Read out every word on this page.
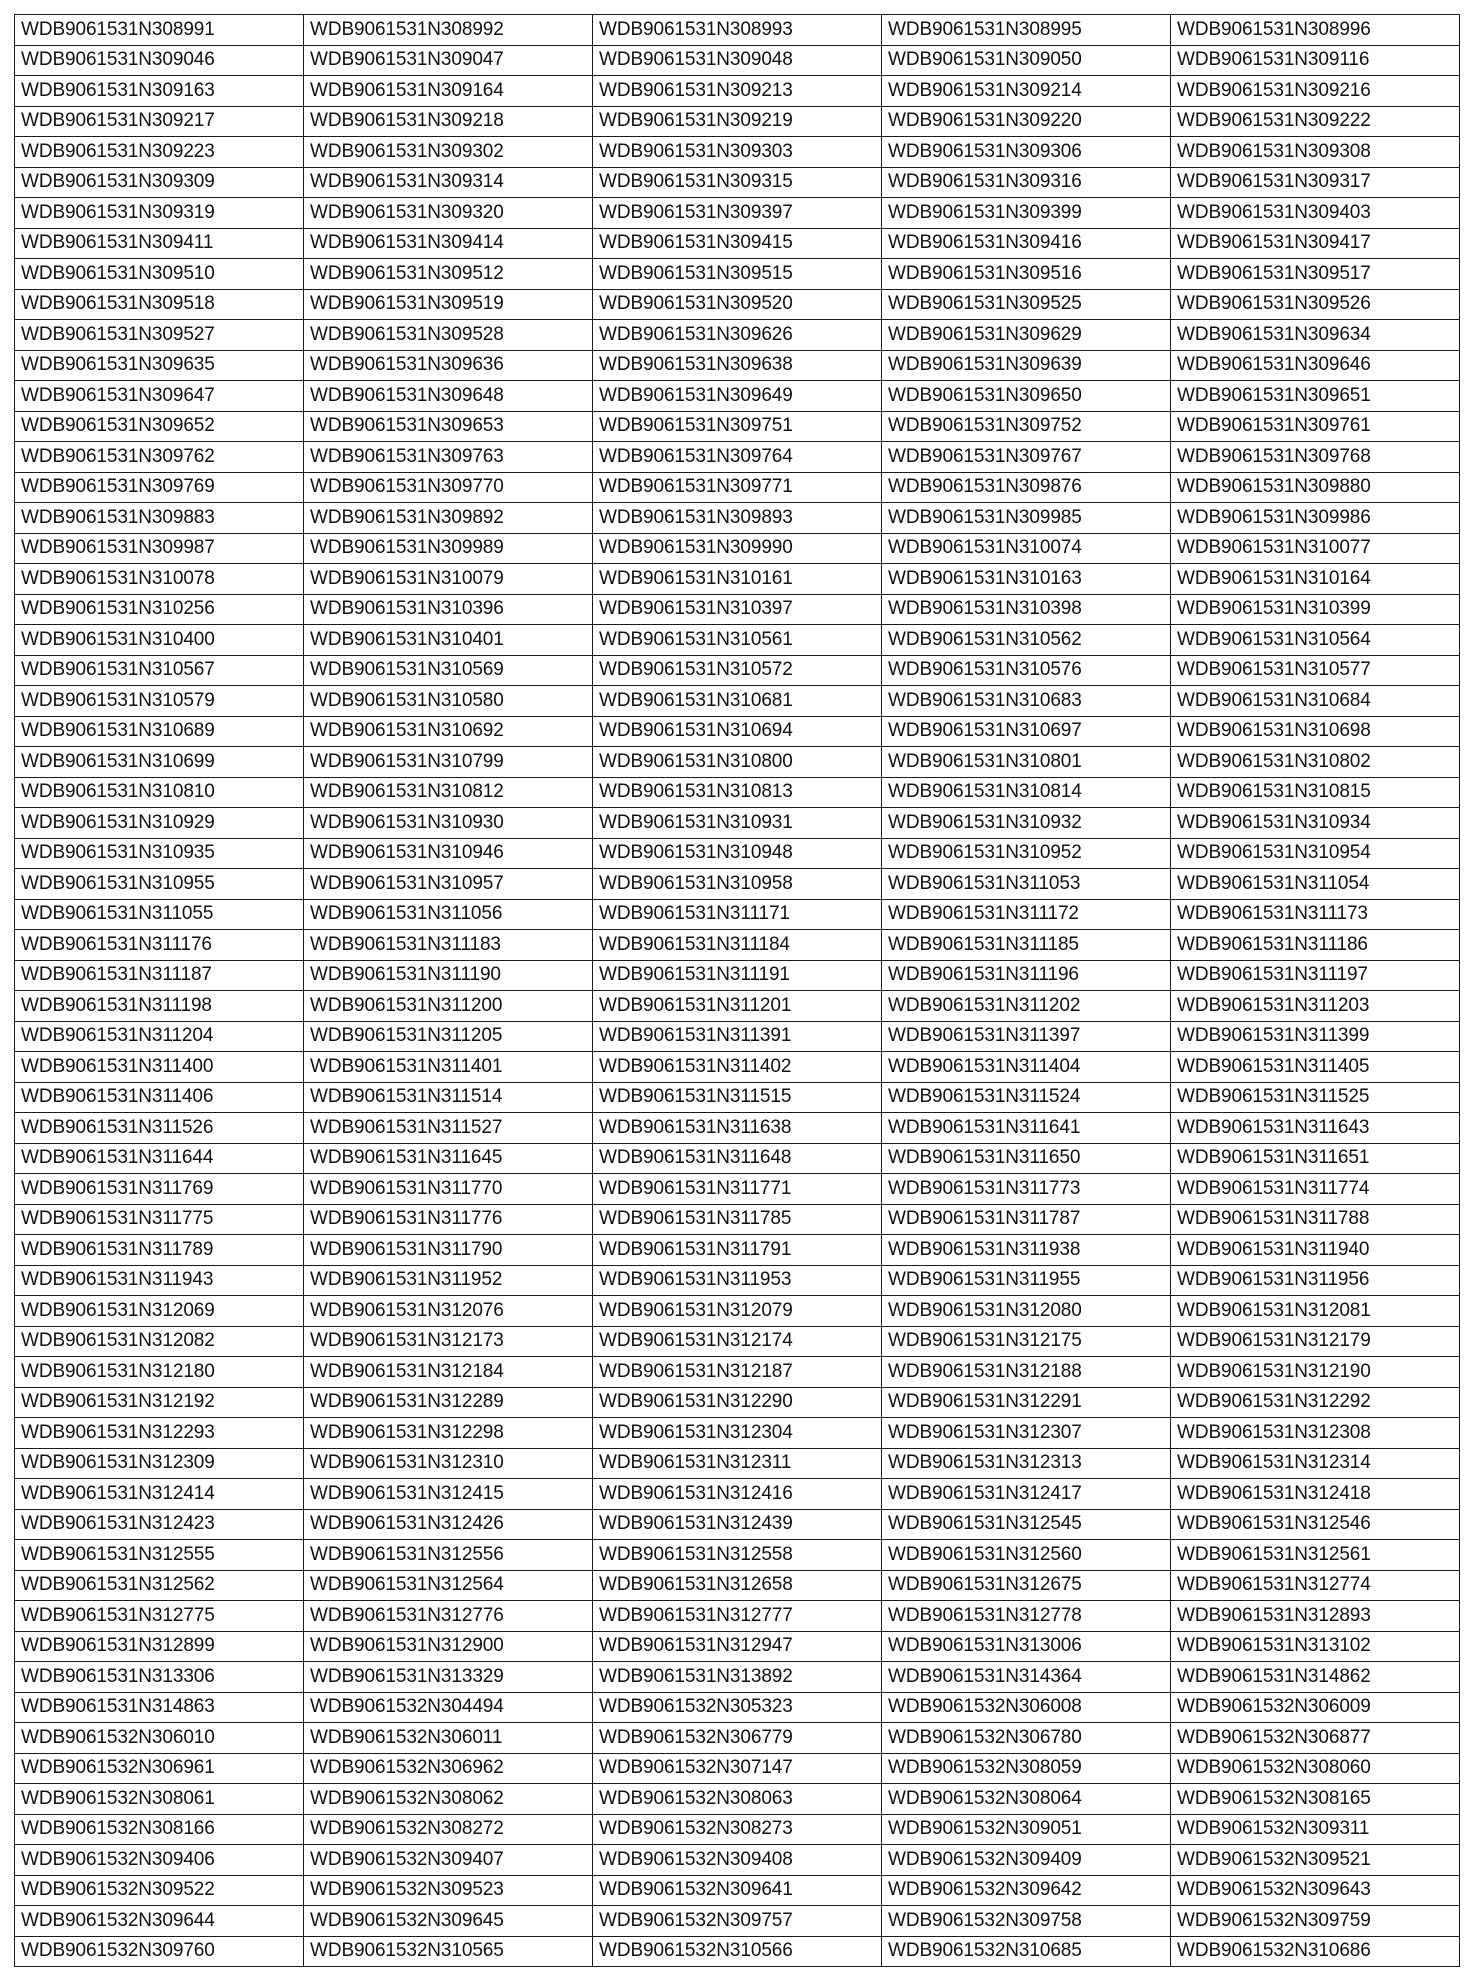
WDB9061531N308991	WDB9061531N308992	WDB9061531N308993	WDB9061531N308995	WDB9061531N308996
WDB9061531N309046	WDB9061531N309047	WDB9061531N309048	WDB9061531N309050	WDB9061531N309116
WDB9061531N309163	WDB9061531N309164	WDB9061531N309213	WDB9061531N309214	WDB9061531N309216
WDB9061531N309217	WDB9061531N309218	WDB9061531N309219	WDB9061531N309220	WDB9061531N309222
WDB9061531N309223	WDB9061531N309302	WDB9061531N309303	WDB9061531N309306	WDB9061531N309308
WDB9061531N309309	WDB9061531N309314	WDB9061531N309315	WDB9061531N309316	WDB9061531N309317
WDB9061531N309319	WDB9061531N309320	WDB9061531N309397	WDB9061531N309399	WDB9061531N309403
WDB9061531N309411	WDB9061531N309414	WDB9061531N309415	WDB9061531N309416	WDB9061531N309417
WDB9061531N309510	WDB9061531N309512	WDB9061531N309515	WDB9061531N309516	WDB9061531N309517
WDB9061531N309518	WDB9061531N309519	WDB9061531N309520	WDB9061531N309525	WDB9061531N309526
WDB9061531N309527	WDB9061531N309528	WDB9061531N309626	WDB9061531N309629	WDB9061531N309634
WDB9061531N309635	WDB9061531N309636	WDB9061531N309638	WDB9061531N309639	WDB9061531N309646
WDB9061531N309647	WDB9061531N309648	WDB9061531N309649	WDB9061531N309650	WDB9061531N309651
WDB9061531N309652	WDB9061531N309653	WDB9061531N309751	WDB9061531N309752	WDB9061531N309761
WDB9061531N309762	WDB9061531N309763	WDB9061531N309764	WDB9061531N309767	WDB9061531N309768
WDB9061531N309769	WDB9061531N309770	WDB9061531N309771	WDB9061531N309876	WDB9061531N309880
WDB9061531N309883	WDB9061531N309892	WDB9061531N309893	WDB9061531N309985	WDB9061531N309986
WDB9061531N309987	WDB9061531N309989	WDB9061531N309990	WDB9061531N310074	WDB9061531N310077
WDB9061531N310078	WDB9061531N310079	WDB9061531N310161	WDB9061531N310163	WDB9061531N310164
WDB9061531N310256	WDB9061531N310396	WDB9061531N310397	WDB9061531N310398	WDB9061531N310399
WDB9061531N310400	WDB9061531N310401	WDB9061531N310561	WDB9061531N310562	WDB9061531N310564
WDB9061531N310567	WDB9061531N310569	WDB9061531N310572	WDB9061531N310576	WDB9061531N310577
WDB9061531N310579	WDB9061531N310580	WDB9061531N310681	WDB9061531N310683	WDB9061531N310684
WDB9061531N310689	WDB9061531N310692	WDB9061531N310694	WDB9061531N310697	WDB9061531N310698
WDB9061531N310699	WDB9061531N310799	WDB9061531N310800	WDB9061531N310801	WDB9061531N310802
WDB9061531N310810	WDB9061531N310812	WDB9061531N310813	WDB9061531N310814	WDB9061531N310815
WDB9061531N310929	WDB9061531N310930	WDB9061531N310931	WDB9061531N310932	WDB9061531N310934
WDB9061531N310935	WDB9061531N310946	WDB9061531N310948	WDB9061531N310952	WDB9061531N310954
WDB9061531N310955	WDB9061531N310957	WDB9061531N310958	WDB9061531N311053	WDB9061531N311054
WDB9061531N311055	WDB9061531N311056	WDB9061531N311171	WDB9061531N311172	WDB9061531N311173
WDB9061531N311176	WDB9061531N311183	WDB9061531N311184	WDB9061531N311185	WDB9061531N311186
WDB9061531N311187	WDB9061531N311190	WDB9061531N311191	WDB9061531N311196	WDB9061531N311197
WDB9061531N311198	WDB9061531N311200	WDB9061531N311201	WDB9061531N311202	WDB9061531N311203
WDB9061531N311204	WDB9061531N311205	WDB9061531N311391	WDB9061531N311397	WDB9061531N311399
WDB9061531N311400	WDB9061531N311401	WDB9061531N311402	WDB9061531N311404	WDB9061531N311405
WDB9061531N311406	WDB9061531N311514	WDB9061531N311515	WDB9061531N311524	WDB9061531N311525
WDB9061531N311526	WDB9061531N311527	WDB9061531N311638	WDB9061531N311641	WDB9061531N311643
WDB9061531N311644	WDB9061531N311645	WDB9061531N311648	WDB9061531N311650	WDB9061531N311651
WDB9061531N311769	WDB9061531N311770	WDB9061531N311771	WDB9061531N311773	WDB9061531N311774
WDB9061531N311775	WDB9061531N311776	WDB9061531N311785	WDB9061531N311787	WDB9061531N311788
WDB9061531N311789	WDB9061531N311790	WDB9061531N311791	WDB9061531N311938	WDB9061531N311940
WDB9061531N311943	WDB9061531N311952	WDB9061531N311953	WDB9061531N311955	WDB9061531N311956
WDB9061531N312069	WDB9061531N312076	WDB9061531N312079	WDB9061531N312080	WDB9061531N312081
WDB9061531N312082	WDB9061531N312173	WDB9061531N312174	WDB9061531N312175	WDB9061531N312179
WDB9061531N312180	WDB9061531N312184	WDB9061531N312187	WDB9061531N312188	WDB9061531N312190
WDB9061531N312192	WDB9061531N312289	WDB9061531N312290	WDB9061531N312291	WDB9061531N312292
WDB9061531N312293	WDB9061531N312298	WDB9061531N312304	WDB9061531N312307	WDB9061531N312308
WDB9061531N312309	WDB9061531N312310	WDB9061531N312311	WDB9061531N312313	WDB9061531N312314
WDB9061531N312414	WDB9061531N312415	WDB9061531N312416	WDB9061531N312417	WDB9061531N312418
WDB9061531N312423	WDB9061531N312426	WDB9061531N312439	WDB9061531N312545	WDB9061531N312546
WDB9061531N312555	WDB9061531N312556	WDB9061531N312558	WDB9061531N312560	WDB9061531N312561
WDB9061531N312562	WDB9061531N312564	WDB9061531N312658	WDB9061531N312675	WDB9061531N312774
WDB9061531N312775	WDB9061531N312776	WDB9061531N312777	WDB9061531N312778	WDB9061531N312893
WDB9061531N312899	WDB9061531N312900	WDB9061531N312947	WDB9061531N313006	WDB9061531N313102
WDB9061531N313306	WDB9061531N313329	WDB9061531N313892	WDB9061531N314364	WDB9061531N314862
WDB9061531N314863	WDB9061532N304494	WDB9061532N305323	WDB9061532N306008	WDB9061532N306009
WDB9061532N306010	WDB9061532N306011	WDB9061532N306779	WDB9061532N306780	WDB9061532N306877
WDB9061532N306961	WDB9061532N306962	WDB9061532N307147	WDB9061532N308059	WDB9061532N308060
WDB9061532N308061	WDB9061532N308062	WDB9061532N308063	WDB9061532N308064	WDB9061532N308165
WDB9061532N308166	WDB9061532N308272	WDB9061532N308273	WDB9061532N309051	WDB9061532N309311
WDB9061532N309406	WDB9061532N309407	WDB9061532N309408	WDB9061532N309409	WDB9061532N309521
WDB9061532N309522	WDB9061532N309523	WDB9061532N309641	WDB9061532N309642	WDB9061532N309643
WDB9061532N309644	WDB9061532N309645	WDB9061532N309757	WDB9061532N309758	WDB9061532N309759
WDB9061532N309760	WDB9061532N310565	WDB9061532N310566	WDB9061532N310685	WDB9061532N310686
